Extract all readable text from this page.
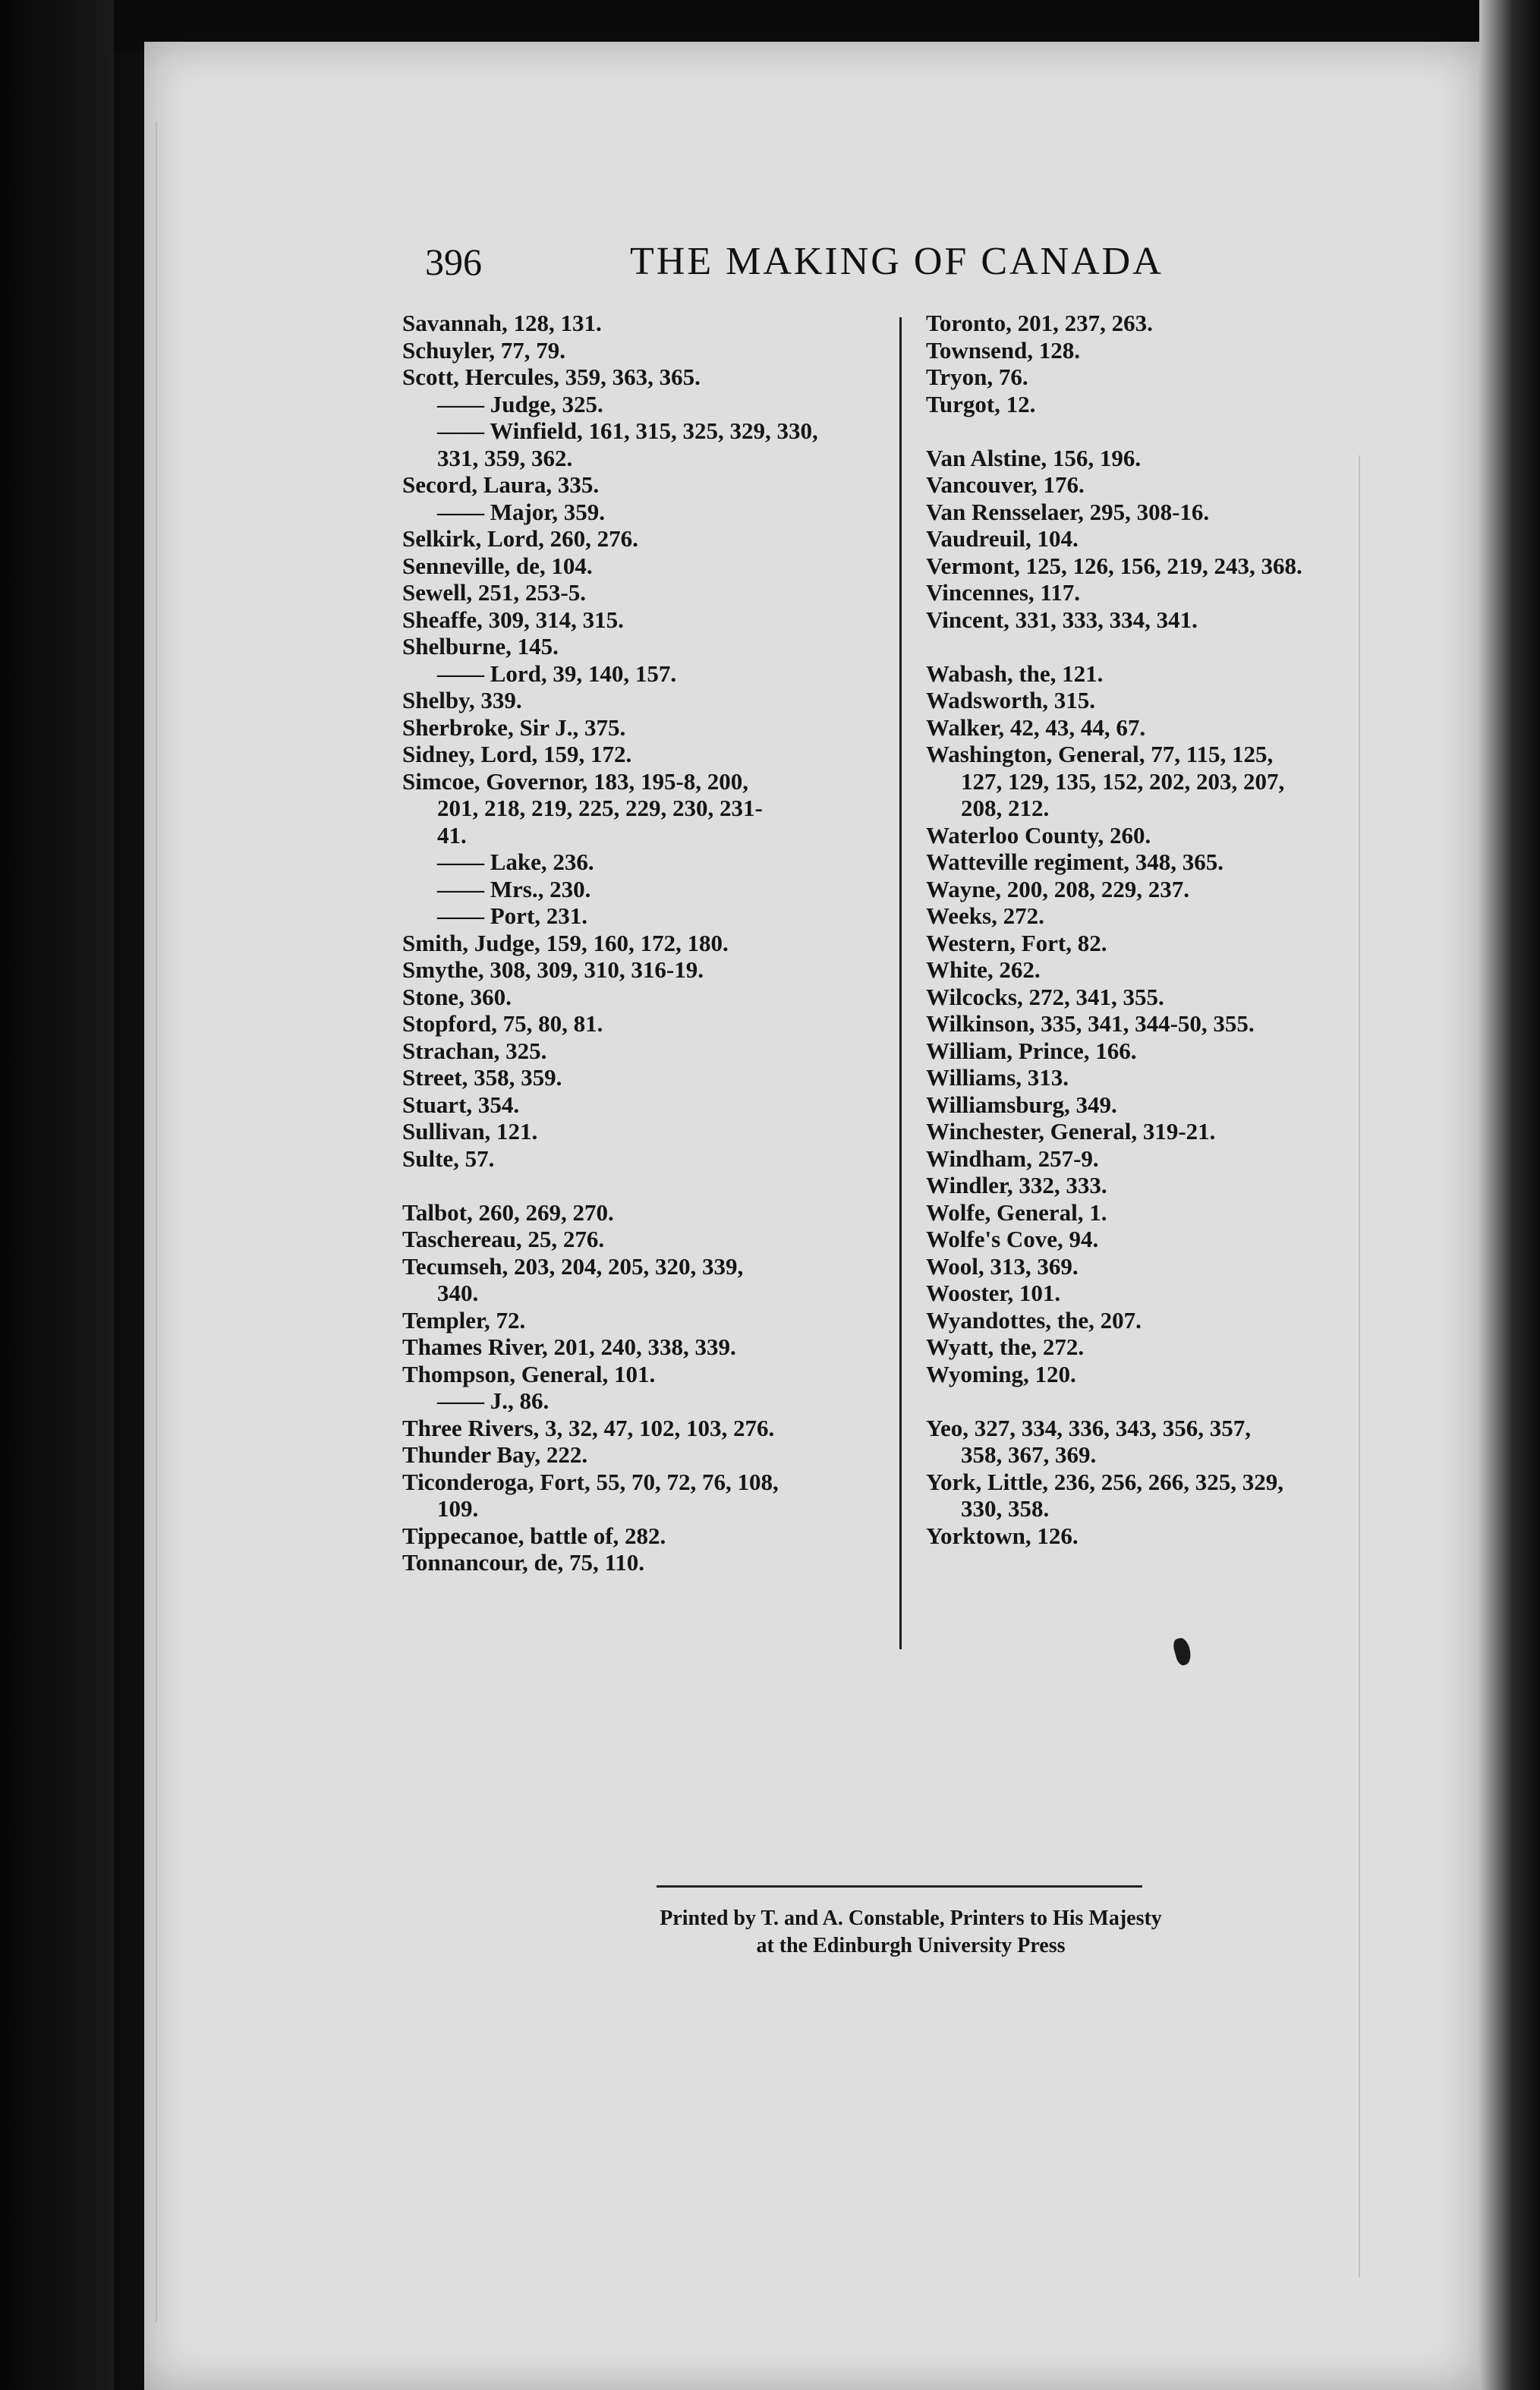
396	THE MAKING OF CANADA
Savannah, 128, 131.
Schuyler, 77, 79.
Scott, Hercules, 359, 363, 365.
—— Judge, 325.
—— Winfield, 161, 315, 325, 329, 330,
331, 359, 362.
Secord, Laura, 335.
—— Major, 359.
Selkirk, Lord, 260, 276.
Senneville, de, 104.
Sewell, 251, 253-5.
Sheaffe, 309, 314, 315.
Shelburne, 145.
—— Lord, 39, 140, 157.
Shelby, 339.
Sherbroke, Sir J., 375.
Sidney, Lord, 159, 172.
Simcoe, Governor, 183, 195-8, 200,
201, 218, 219, 225, 229, 230, 231-
41.
—— Lake, 236.
—— Mrs., 230.
—— Port, 231.
Smith, Judge, 159, 160, 172, 180.
Smythe, 308, 309, 310, 316-19.
Stone, 360.
Stopford, 75, 80, 81.
Strachan, 325.
Street, 358, 359.
Stuart, 354.
Sullivan, 121.
Sulte, 57.
Talbot, 260, 269, 270.
Taschereau, 25, 276.
Tecumseh, 203, 204, 205, 320, 339,
340.
Templer, 72.
Thames River, 201, 240, 338, 339.
Thompson, General, 101.
—— J., 86.
Three Rivers, 3, 32, 47, 102, 103, 276.
Thunder Bay, 222.
Ticonderoga, Fort, 55, 70, 72, 76, 108,
109.
Tippecanoe, battle of, 282.
Tonnancour, de, 75, 110.
Toronto, 201, 237, 263.
Townsend, 128.
Tryon, 76.
Turgot, 12.
Van Alstine, 156, 196.
Vancouver, 176.
Van Rensselaer, 295, 308-16.
Vaudreuil, 104.
Vermont, 125, 126, 156, 219, 243, 368.
Vincennes, 117.
Vincent, 331, 333, 334, 341.
Wabash, the, 121.
Wadsworth, 315.
Walker, 42, 43, 44, 67.
Washington, General, 77, 115, 125,
127, 129, 135, 152, 202, 203, 207,
208, 212.
Waterloo County, 260.
Watteville regiment, 348, 365.
Wayne, 200, 208, 229, 237.
Weeks, 272.
Western, Fort, 82.
White, 262.
Wilcocks, 272, 341, 355.
Wilkinson, 335, 341, 344-50, 355.
William, Prince, 166.
Williams, 313.
Williamsburg, 349.
Winchester, General, 319-21.
Windham, 257-9.
Windler, 332, 333.
Wolfe, General, 1.
Wolfe's Cove, 94.
Wool, 313, 369.
Wooster, 101.
Wyandottes, the, 207.
Wyatt, the, 272.
Wyoming, 120.
Yeo, 327, 334, 336, 343, 356, 357,
358, 367, 369.
York, Little, 236, 256, 266, 325, 329,
330, 358.
Yorktown, 126.
Printed by T. and A. Constable, Printers to His Majesty
at the Edinburgh University Press
